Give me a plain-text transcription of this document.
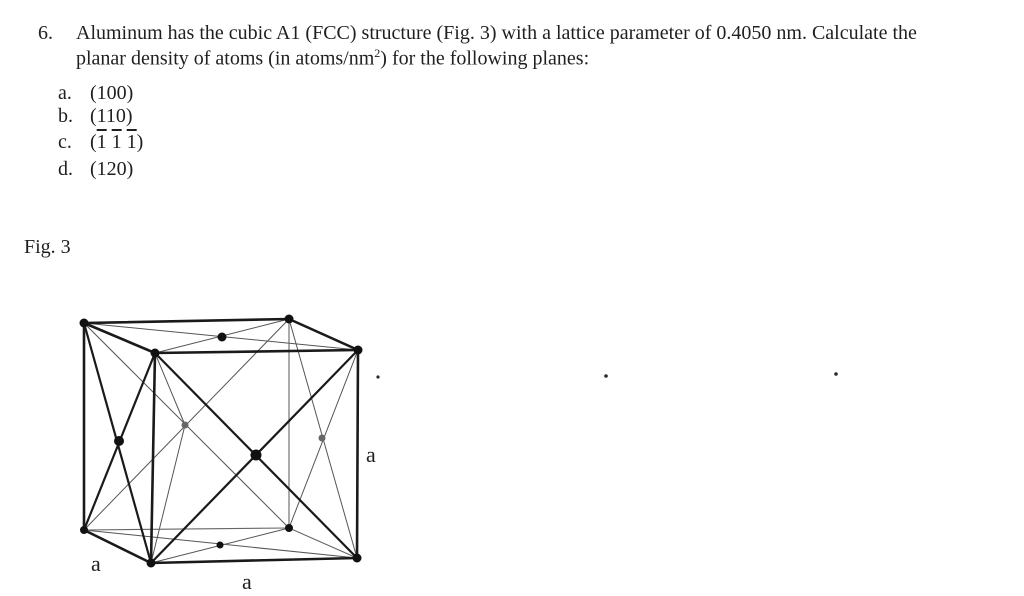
6. Aluminum has the cubic A1 (FCC) structure (Fig. 3) with a lattice parameter of 0.4050 nm. Calculate the
planar density of atoms (in atoms/$nm^2$) for the following planes:
a. (100)
b. (110)
c. (1 1 1)
d. (120)
Fig. 3
a
a
a
